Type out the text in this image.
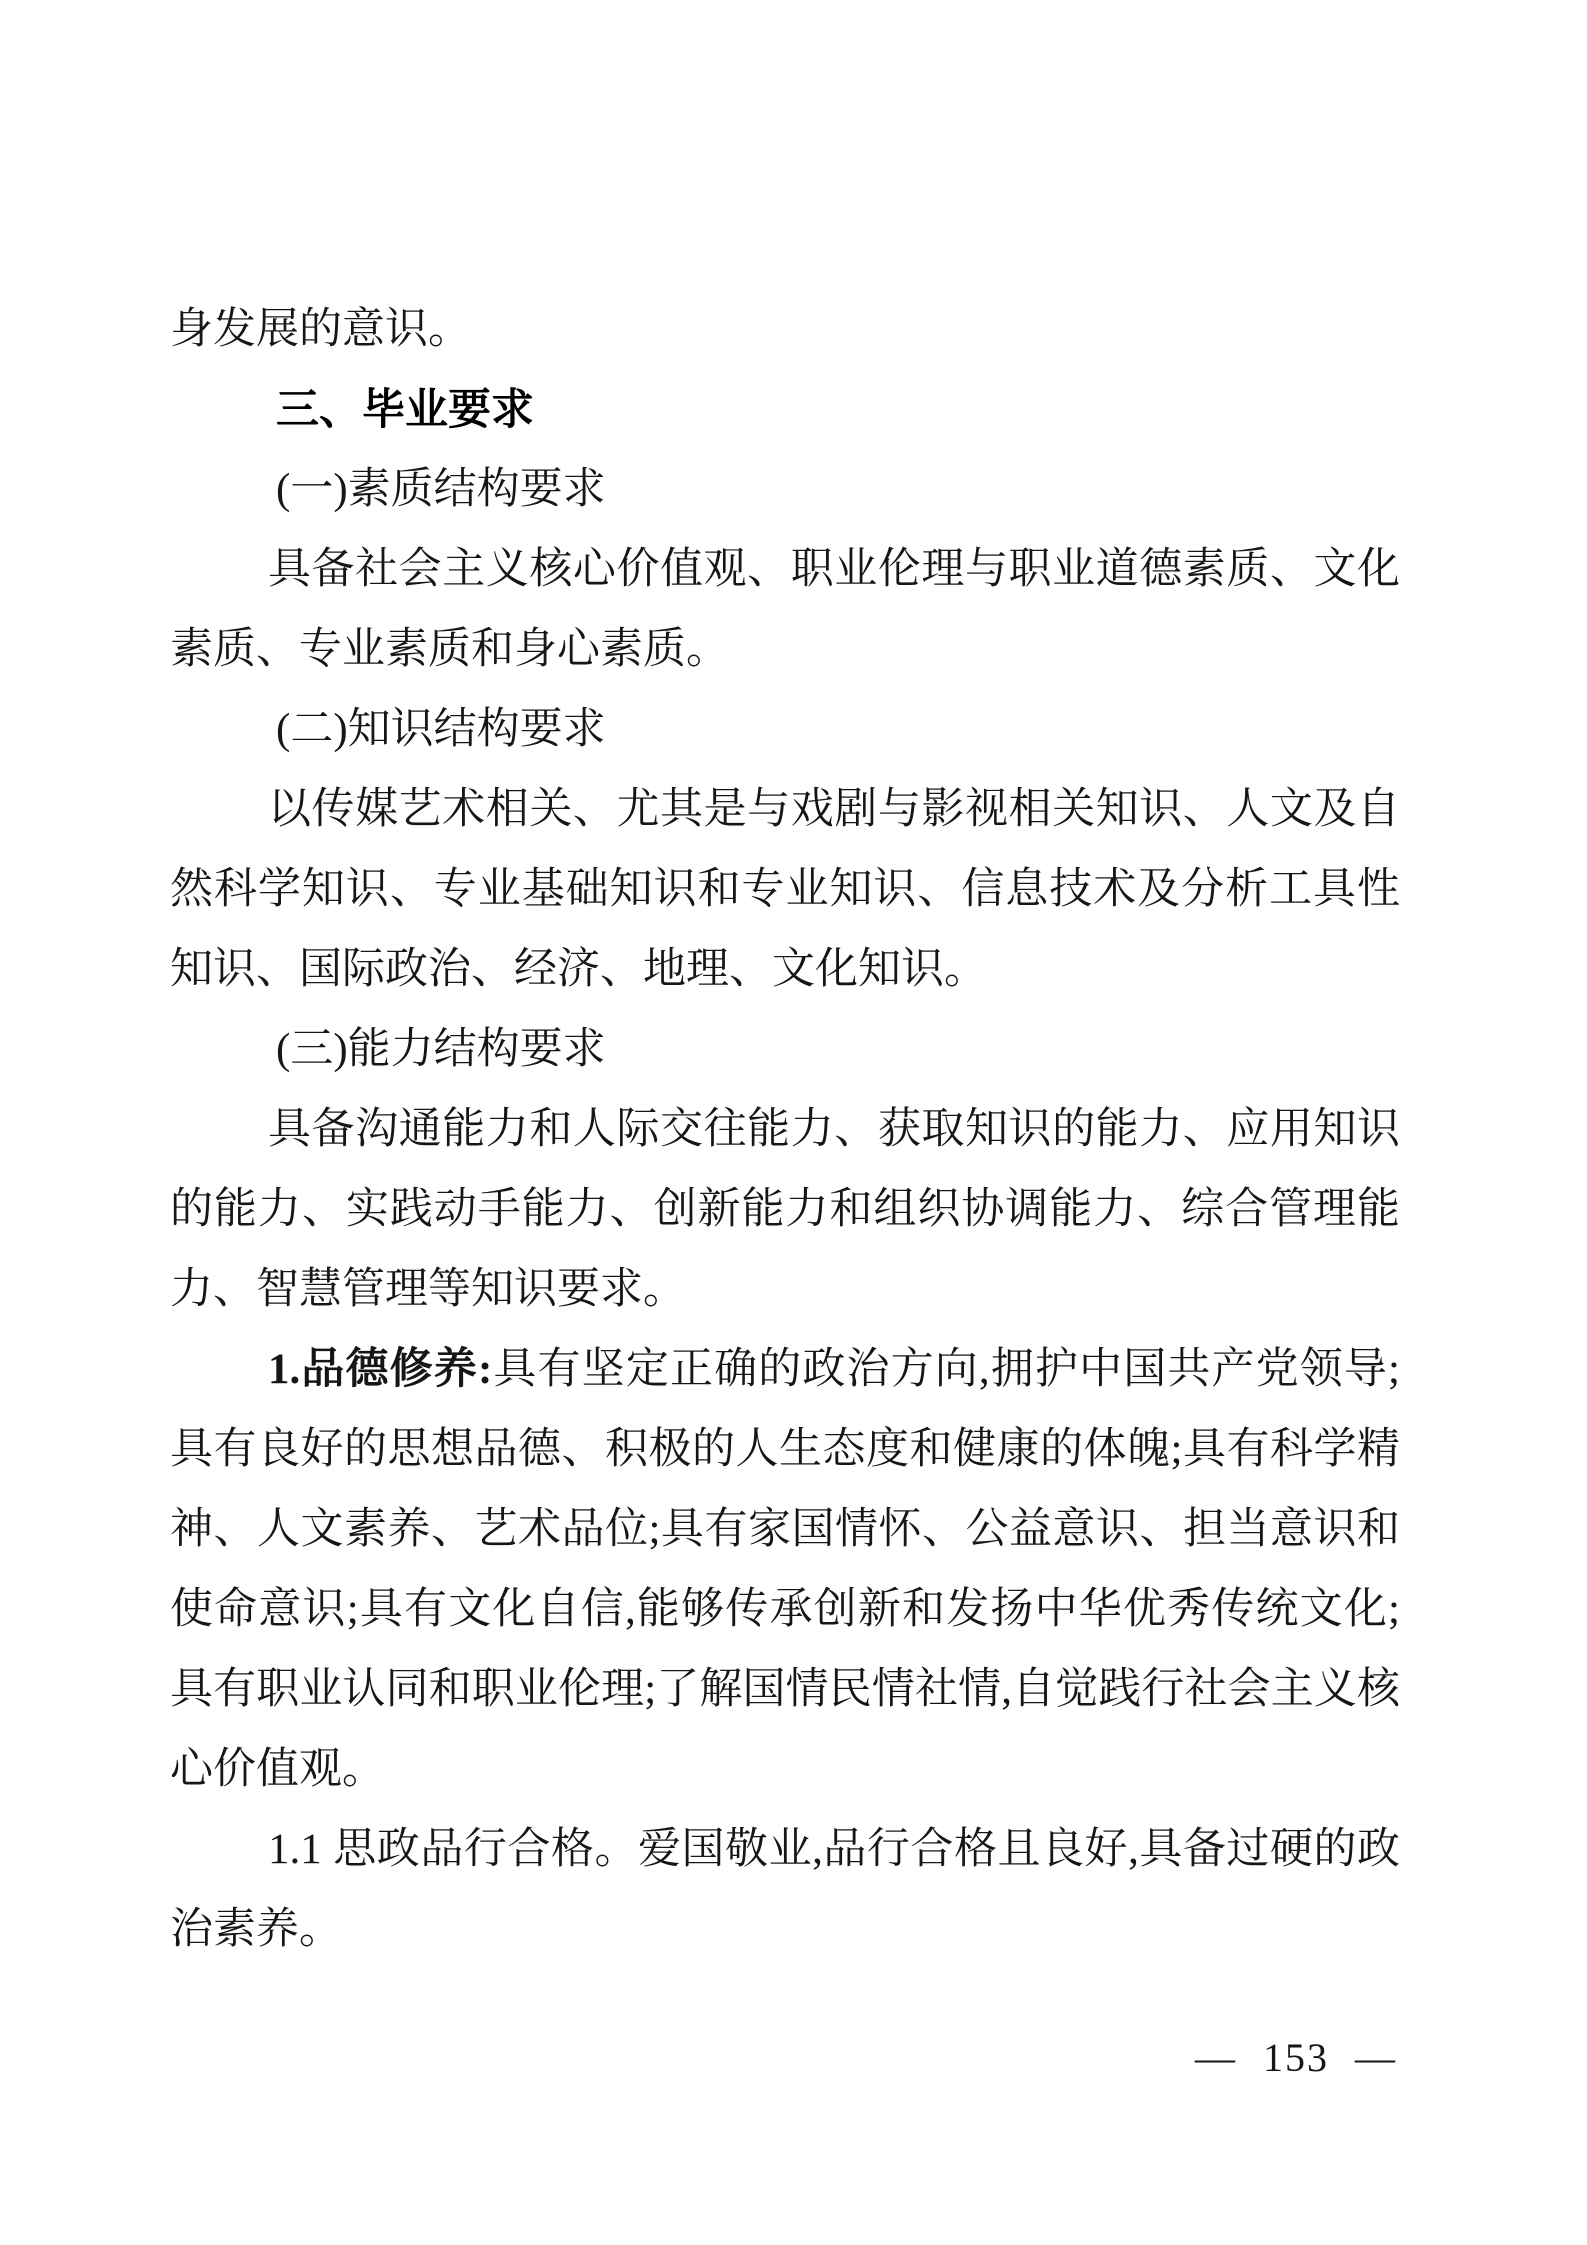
身发展的意识。

三、毕业要求

(一)素质结构要求

具备社会主义核心价值观、职业伦理与职业道德素质、文化素质、专业素质和身心素质。

(二)知识结构要求

以传媒艺术相关、尤其是与戏剧与影视相关知识、人文及自然科学知识、专业基础知识和专业知识、信息技术及分析工具性知识、国际政治、经济、地理、文化知识。

(三)能力结构要求

具备沟通能力和人际交往能力、获取知识的能力、应用知识的能力、实践动手能力、创新能力和组织协调能力、综合管理能力、智慧管理等知识要求。

1.品德修养:具有坚定正确的政治方向,拥护中国共产党领导;具有良好的思想品德、积极的人生态度和健康的体魄;具有科学精神、人文素养、艺术品位;具有家国情怀、公益意识、担当意识和使命意识;具有文化自信,能够传承创新和发扬中华优秀传统文化;具有职业认同和职业伦理;了解国情民情社情,自觉践行社会主义核心价值观。

1.1 思政品行合格。爱国敬业,品行合格且良好,具备过硬的政治素养。

— 153 —
